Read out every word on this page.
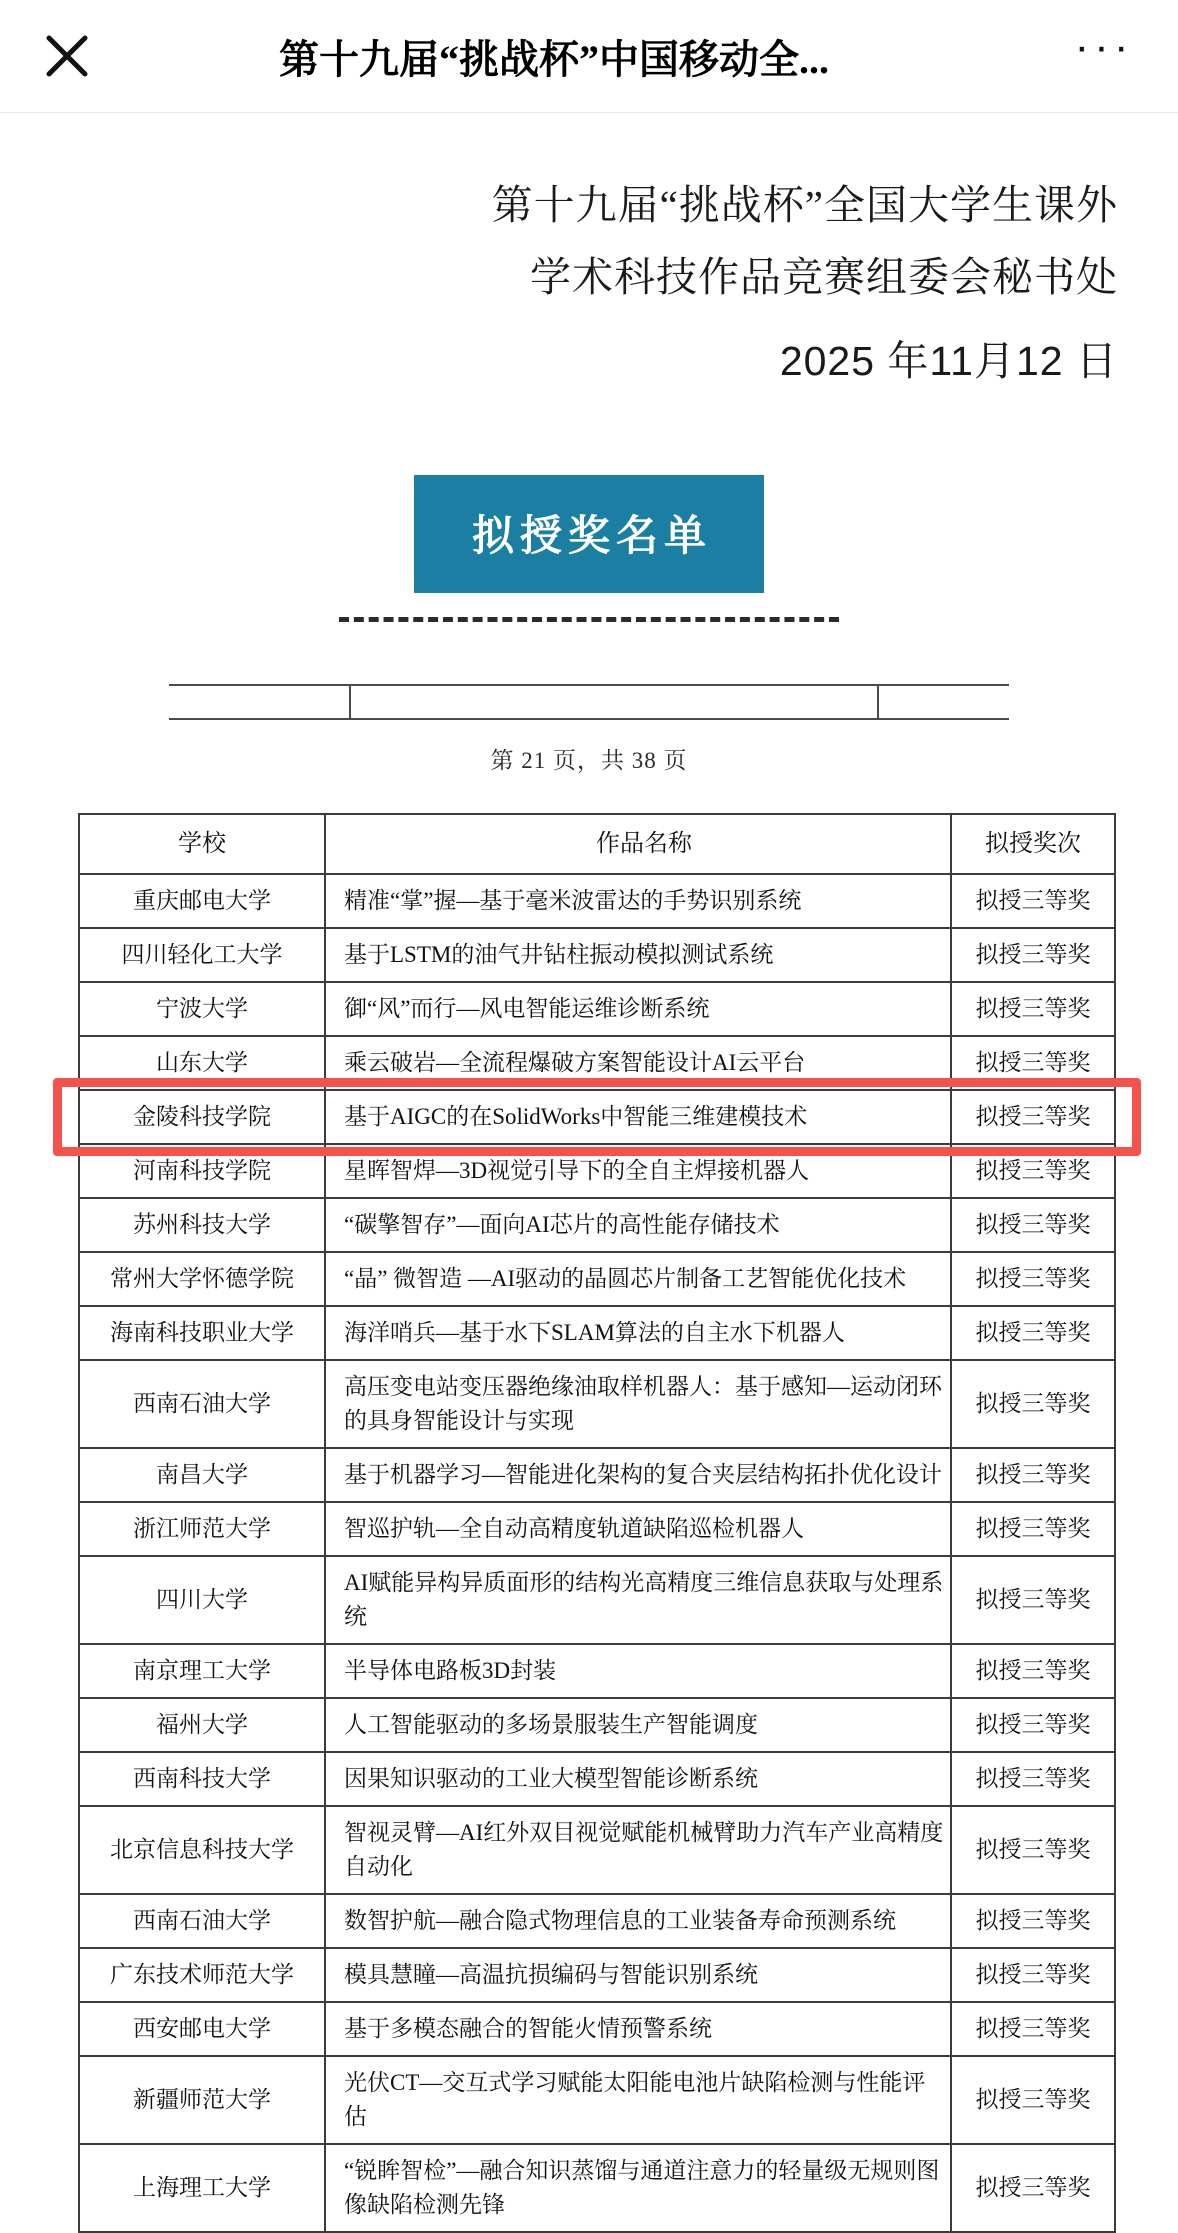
第十九届“挑战杯”中国移动全...	···
第十九届“挑战杯”全国大学生课外
学术科技作品竞赛组委会秘书处
2025 年11月12 日
拟授奖名单
第 21 页，共 38 页
学校	作品名称	拟授奖次
重庆邮电大学	精准“掌”握—基于毫米波雷达的手势识别系统	拟授三等奖
四川轻化工大学	基于LSTM的油气井钻柱振动模拟测试系统	拟授三等奖
宁波大学	御“风”而行—风电智能运维诊断系统	拟授三等奖
山东大学	乘云破岩—全流程爆破方案智能设计AI云平台	拟授三等奖
金陵科技学院	基于AIGC的在SolidWorks中智能三维建模技术	拟授三等奖
河南科技学院	星晖智焊—3D视觉引导下的全自主焊接机器人	拟授三等奖
苏州科技大学	“碳擎智存”—面向AI芯片的高性能存储技术	拟授三等奖
常州大学怀德学院	“晶” 微智造 —AI驱动的晶圆芯片制备工艺智能优化技术	拟授三等奖
海南科技职业大学	海洋哨兵—基于水下SLAM算法的自主水下机器人	拟授三等奖
西南石油大学	高压变电站变压器绝缘油取样机器人：基于感知—运动闭环的具身智能设计与实现	拟授三等奖
南昌大学	基于机器学习—智能进化架构的复合夹层结构拓扑优化设计	拟授三等奖
浙江师范大学	智巡护轨—全自动高精度轨道缺陷巡检机器人	拟授三等奖
四川大学	AI赋能异构异质面形的结构光高精度三维信息获取与处理系统	拟授三等奖
南京理工大学	半导体电路板3D封装	拟授三等奖
福州大学	人工智能驱动的多场景服装生产智能调度	拟授三等奖
西南科技大学	因果知识驱动的工业大模型智能诊断系统	拟授三等奖
北京信息科技大学	智视灵臂—AI红外双目视觉赋能机械臂助力汽车产业高精度自动化	拟授三等奖
西南石油大学	数智护航—融合隐式物理信息的工业装备寿命预测系统	拟授三等奖
广东技术师范大学	模具慧瞳—高温抗损编码与智能识别系统	拟授三等奖
西安邮电大学	基于多模态融合的智能火情预警系统	拟授三等奖
新疆师范大学	光伏CT—交互式学习赋能太阳能电池片缺陷检测与性能评估	拟授三等奖
上海理工大学	“锐眸智检”—融合知识蒸馏与通道注意力的轻量级无规则图像缺陷检测先锋	拟授三等奖
